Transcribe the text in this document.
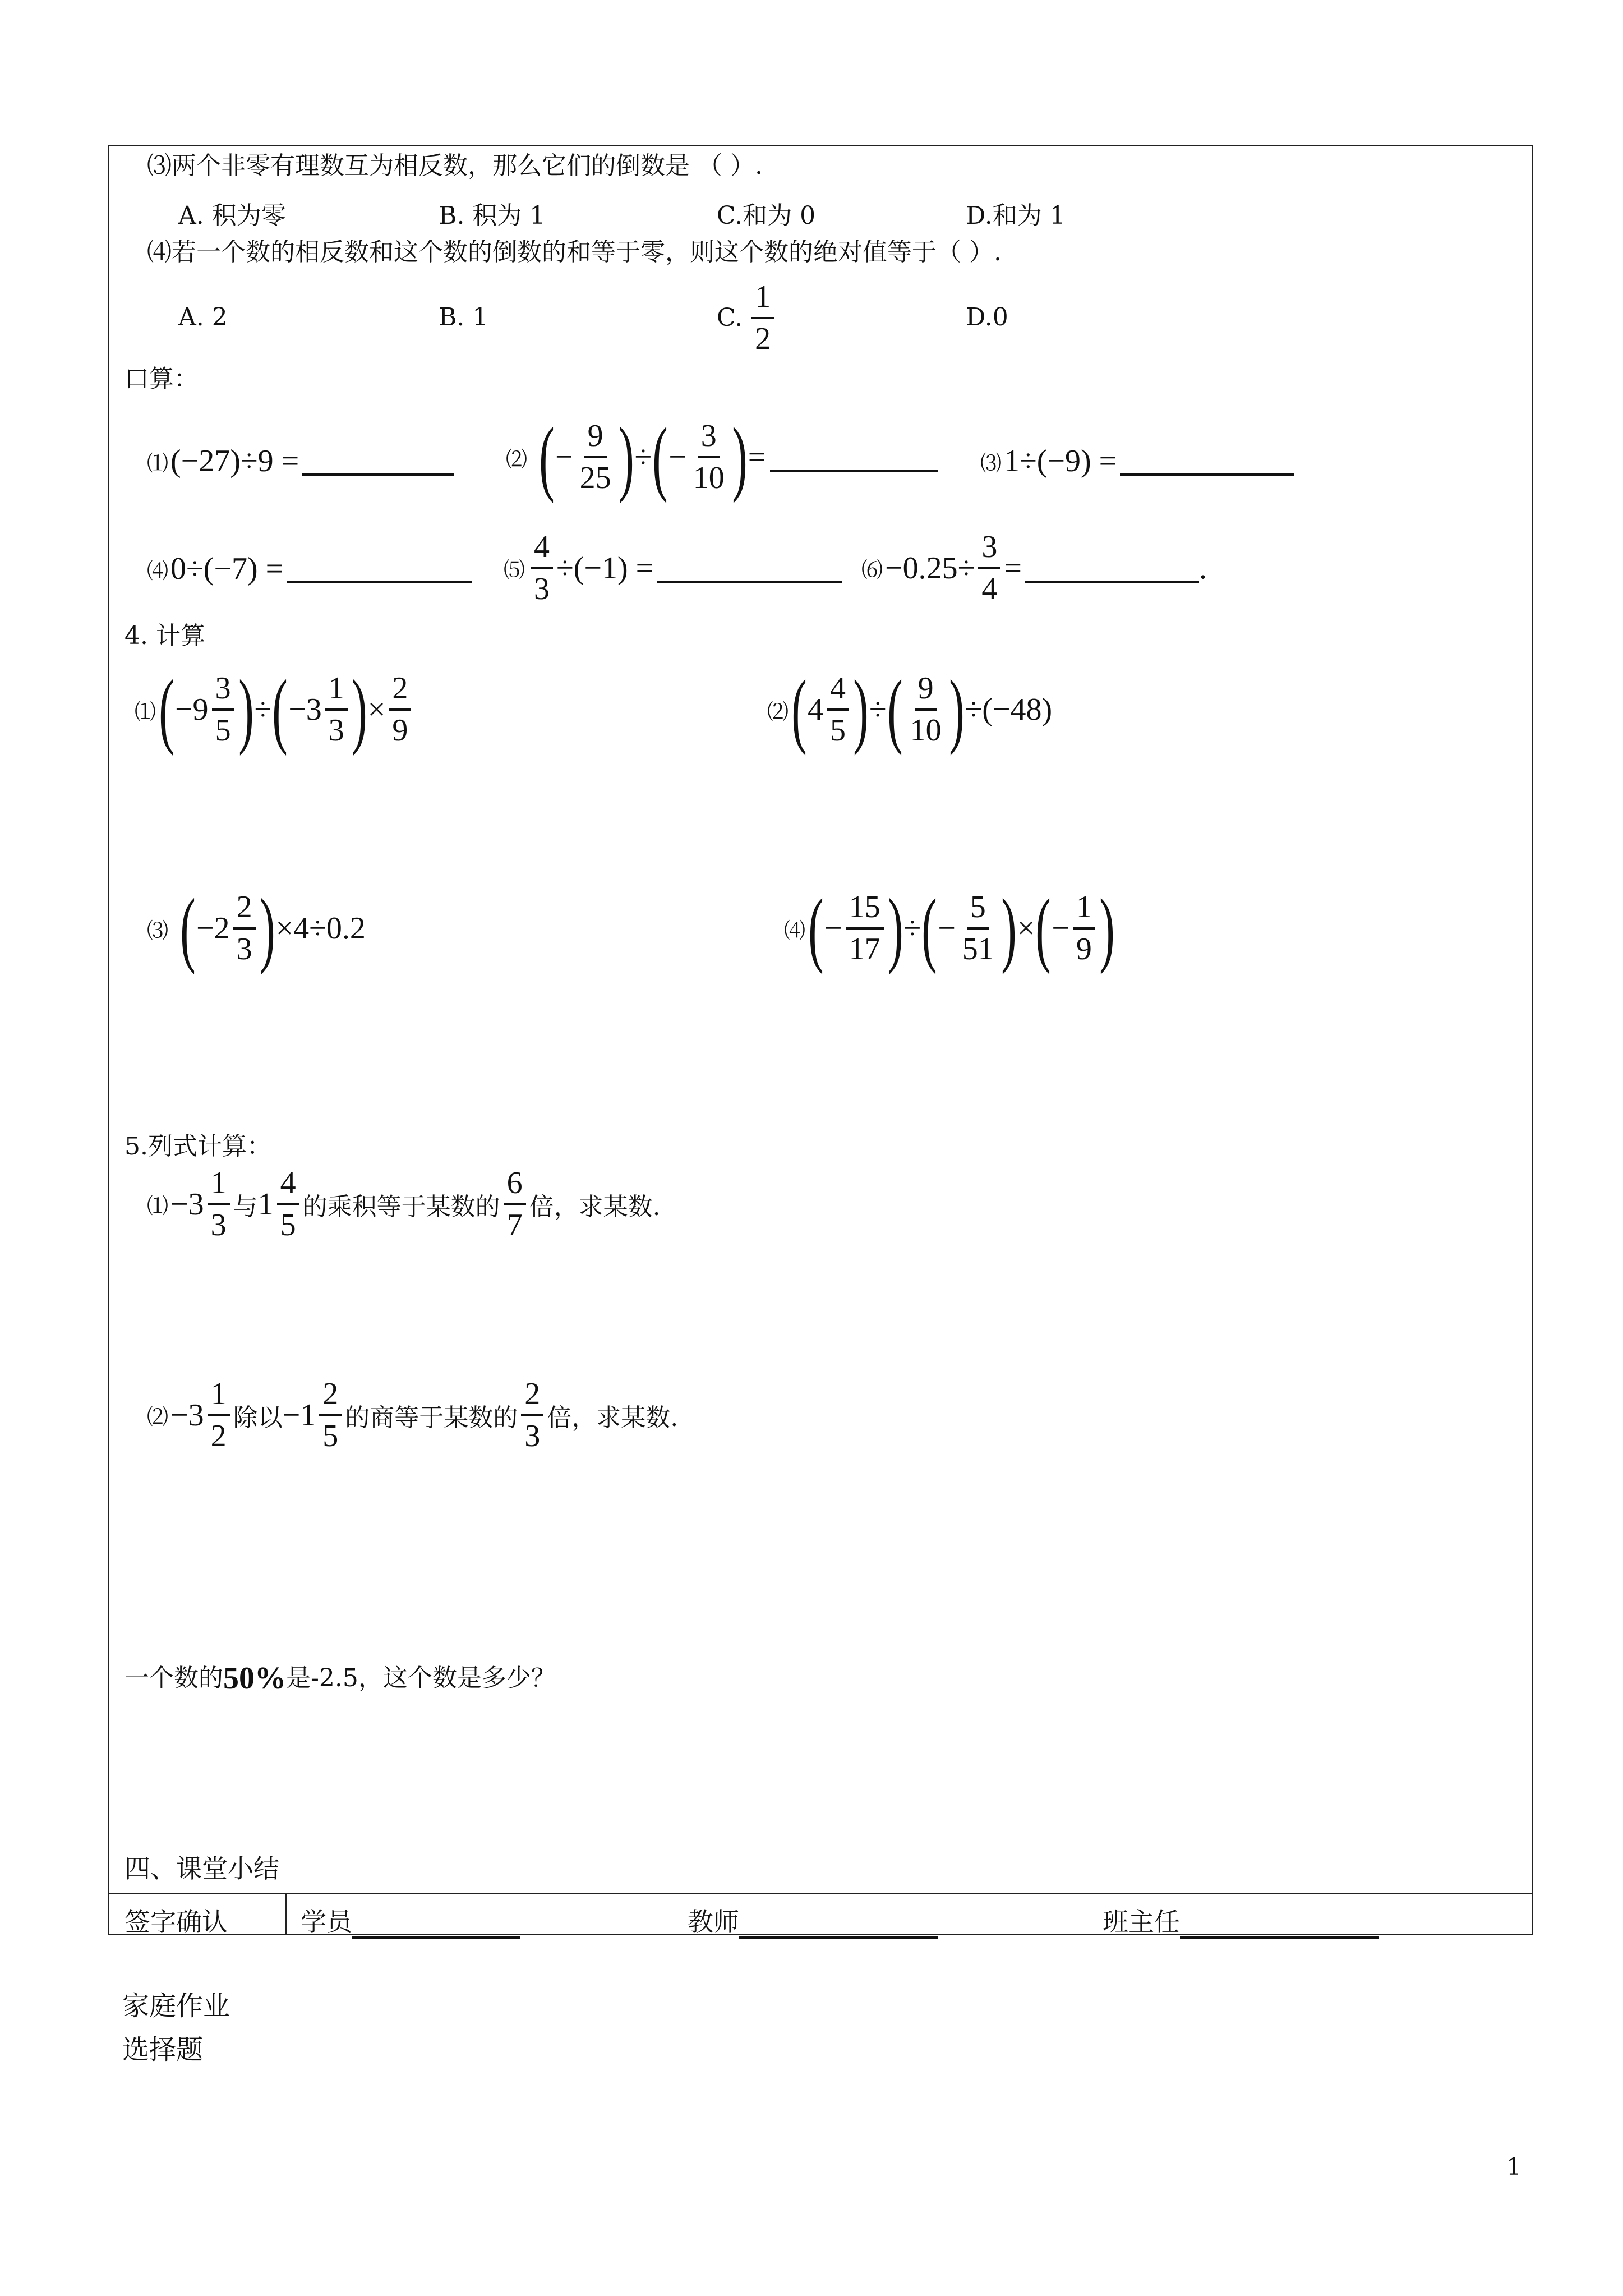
⑶两个非零有理数互为相反数，那么它们的倒数是 （ ）.
A. 积为零	B. 积为 1	C.和为 0	D.和为 1
⑷若一个数的相反数和这个数的倒数的和等于零，则这个数的绝对值等于（ ）.
A. 2	B. 1	C. $\frac{1}{2}$	D.0
口算：
⑴ (−27)÷9 =	⑵ ( − $\frac{9}{25}$ ) ÷ ( − $\frac{3}{10}$ ) =	⑶ 1÷(−9) =
⑷ 0÷(−7) =	⑸ $\frac{4}{3} \div(-1)$ =	⑹ $-0.25\div \frac{3}{4}$ =	.
4. 计算
⑴ ( $-9 \frac{3}{5}$ ) ÷ ( $-3 \frac{1}{3}$ ) × $\frac{2}{9}$	⑵ ( $4 \frac{4}{5}$ ) ÷ ( $\frac{9}{10}$ ) ÷(−48)
⑶ ( $-2 \frac{2}{3}$ ) ×4÷0.2	⑷ ( − $\frac{15}{17}$ ) ÷ ( − $\frac{5}{51}$ ) × ( − $\frac{1}{9}$ )
5.列式计算：
⑴ $-3 \frac{1}{3}$ 与 $1 \frac{4}{5}$ 的乘积等于某数的 $\frac{6}{7}$ 倍，求某数.
⑵ $-3 \frac{1}{2}$ 除以 $-1 \frac{2}{5}$ 的商等于某数的 $\frac{2}{3}$ 倍，求某数.
一个数的 50% 是-2.5，这个数是多少？
四、课堂小结
签字确认	学员	教师	班主任
家庭作业
选择题
1
